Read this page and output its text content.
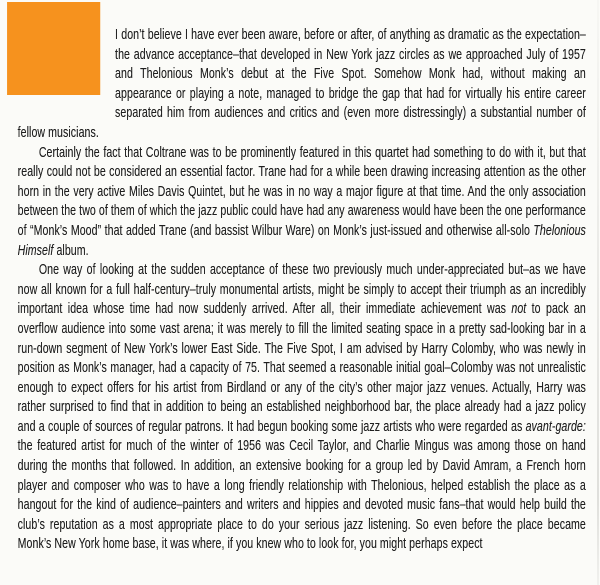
I don’t believe I have ever been aware, before or after, of anything as dramatic as the expectation–the advance acceptance–that developed in New York jazz circles as we approached July of 1957 and Thelonious Monk’s debut at the Five Spot. Somehow Monk had, without making an appearance or playing a note, managed to bridge the gap that had for virtually his entire career separated him from audiences and critics and (even more distressingly) a substantial number of fellow musicians.

Certainly the fact that Coltrane was to be prominently featured in this quartet had something to do with it, but that really could not be considered an essential factor. Trane had for a while been drawing increasing attention as the other horn in the very active Miles Davis Quintet, but he was in no way a major figure at that time. And the only association between the two of them of which the jazz public could have had any awareness would have been the one performance of “Monk’s Mood” that added Trane (and bassist Wilbur Ware) on Monk’s just-issued and otherwise all-solo Thelonious Himself album.

One way of looking at the sudden acceptance of these two previously much under-appreciated but–as we have now all known for a full half-century–truly monumental artists, might be simply to accept their triumph as an incredibly important idea whose time had now suddenly arrived. After all, their immediate achievement was not to pack an overflow audience into some vast arena; it was merely to fill the limited seating space in a pretty sad-looking bar in a run-down segment of New York’s lower East Side. The Five Spot, I am advised by Harry Colomby, who was newly in position as Monk’s manager, had a capacity of 75. That seemed a reasonable initial goal–Colomby was not unrealistic enough to expect offers for his artist from Birdland or any of the city’s other major jazz venues. Actually, Harry was rather surprised to find that in addition to being an established neighborhood bar, the place already had a jazz policy and a couple of sources of regular patrons. It had begun booking some jazz artists who were regarded as avant-garde: the featured artist for much of the winter of 1956 was Cecil Taylor, and Charlie Mingus was among those on hand during the months that followed. In addition, an extensive booking for a group led by David Amram, a French horn player and composer who was to have a long friendly relationship with Thelonious, helped establish the place as a hangout for the kind of audience–painters and writers and hippies and devoted music fans–that would help build the club’s reputation as a most appropriate place to do your serious jazz listening. So even before the place became Monk’s New York home base, it was where, if you knew who to look for, you might perhaps expect
